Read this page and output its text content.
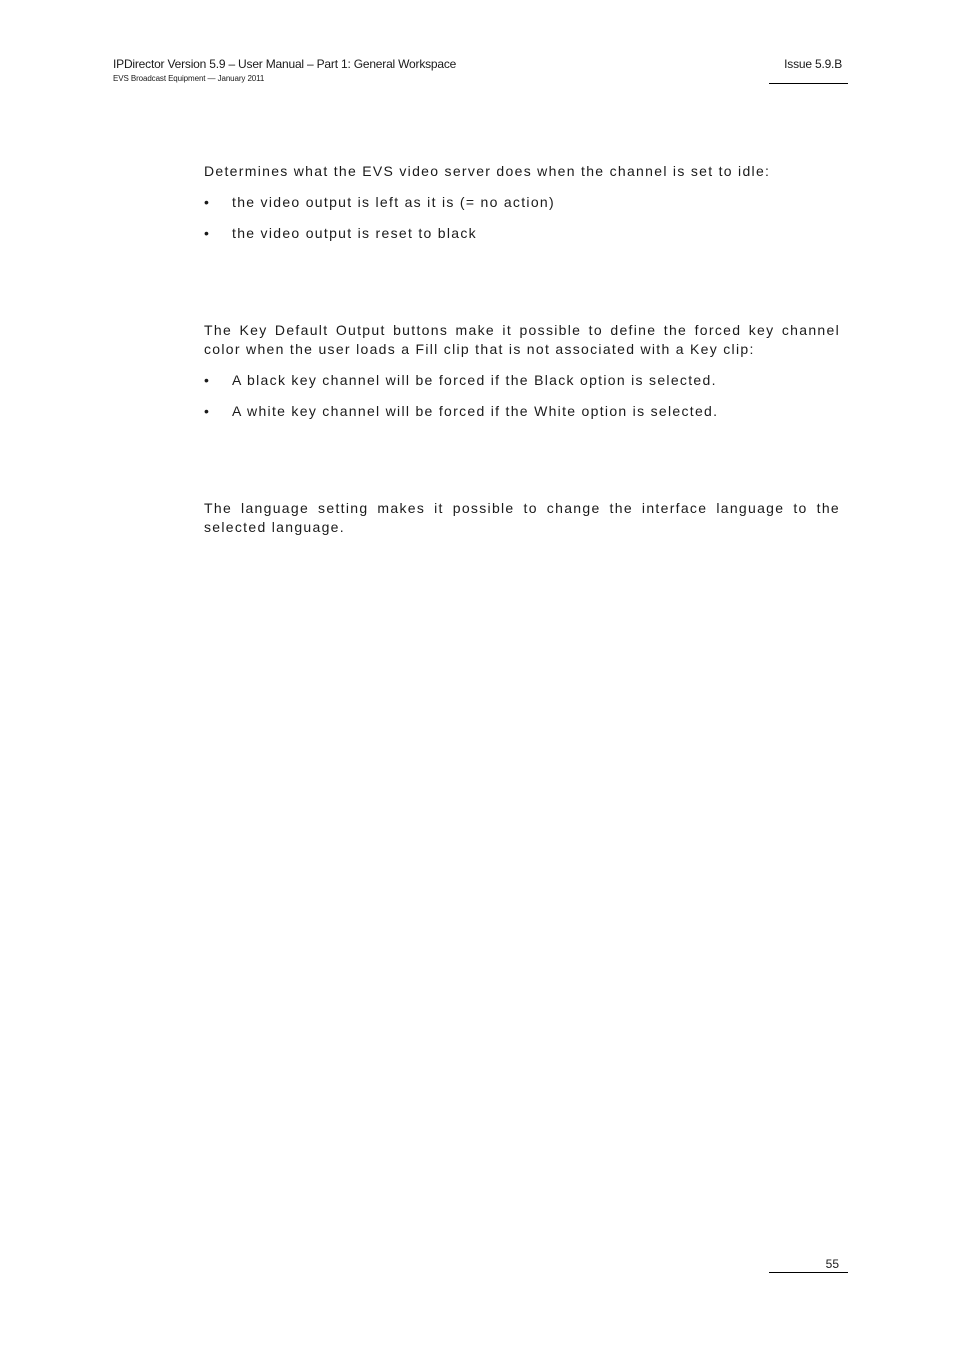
IPDirector Version 5.9 – User Manual – Part 1: General Workspace
EVS Broadcast Equipment — January 2011
Issue 5.9.B
Determines what the EVS video server does when the channel is set to idle:
• the video output is left as it is (= no action)
• the video output is reset to black
The Key Default Output buttons make it possible to define the forced key channel color when the user loads a Fill clip that is not associated with a Key clip:
• A black key channel will be forced if the Black option is selected.
• A white key channel will be forced if the White option is selected.
The language setting makes it possible to change the interface language to the selected language.
55
